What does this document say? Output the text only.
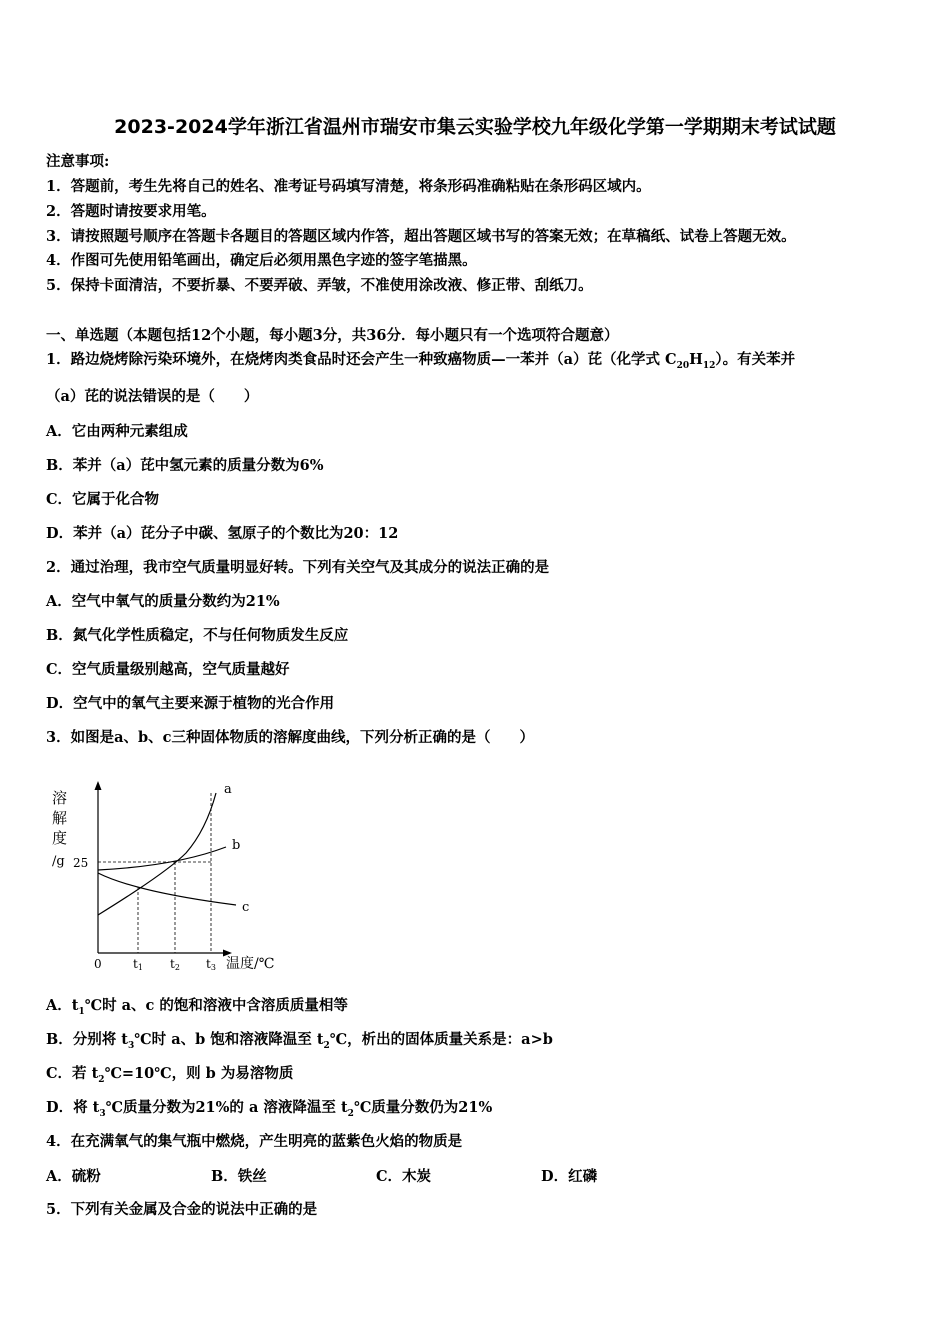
2023-2024学年浙江省温州市瑞安市集云实验学校九年级化学第一学期期末考试试题
注意事项:
1．答题前，考生先将自己的姓名、准考证号码填写清楚，将条形码准确粘贴在条形码区域内。
2．答题时请按要求用笔。
3．请按照题号顺序在答题卡各题目的答题区域内作答，超出答题区域书写的答案无效；在草稿纸、试卷上答题无效。
4．作图可先使用铅笔画出，确定后必须用黑色字迹的签字笔描黑。
5．保持卡面清洁，不要折暴、不要弄破、弄皱，不准使用涂改液、修正带、刮纸刀。
一、单选题（本题包括12个小题，每小题3分，共36分．每小题只有一个选项符合题意）
1．路边烧烤除污染环境外，在烧烤肉类食品时还会产生一种致癌物质—一苯并（a）芘（化学式 $C_{20}H_{12}$）。有关苯并
（a）芘的说法错误的是（　　）
A．它由两种元素组成
B．苯并（a）芘中氢元素的质量分数为6%
C．它属于化合物
D．苯并（a）芘分子中碳、氢原子的个数比为20：12
2．通过治理，我市空气质量明显好转。下列有关空气及其成分的说法正确的是
A．空气中氧气的质量分数约为21%
B．氮气化学性质稳定，不与任何物质发生反应
C．空气质量级别越高，空气质量越好
D．空气中的氧气主要来源于植物的光合作用
3．如图是a、b、c三种固体物质的溶解度曲线，下列分析正确的是（　　）
溶
解
度
/g 25
a
b
c
0	t1 t2 t3 温度/℃
A．$t_1℃$时 a、c 的饱和溶液中含溶质质量相等
B．分别将 $t_3℃$时 a、b 饱和溶液降温至 $t_2℃$，析出的固体质量关系是：a>b
C．若 $t_2℃=10℃$，则 b 为易溶物质
D．将 $t_3℃$质量分数为21%的 a 溶液降温至 $t_2℃$质量分数仍为21%
4．在充满氧气的集气瓶中燃烧，产生明亮的蓝紫色火焰的物质是
A．硫粉	B．铁丝	C．木炭	D．红磷
5．下列有关金属及合金的说法中正确的是
